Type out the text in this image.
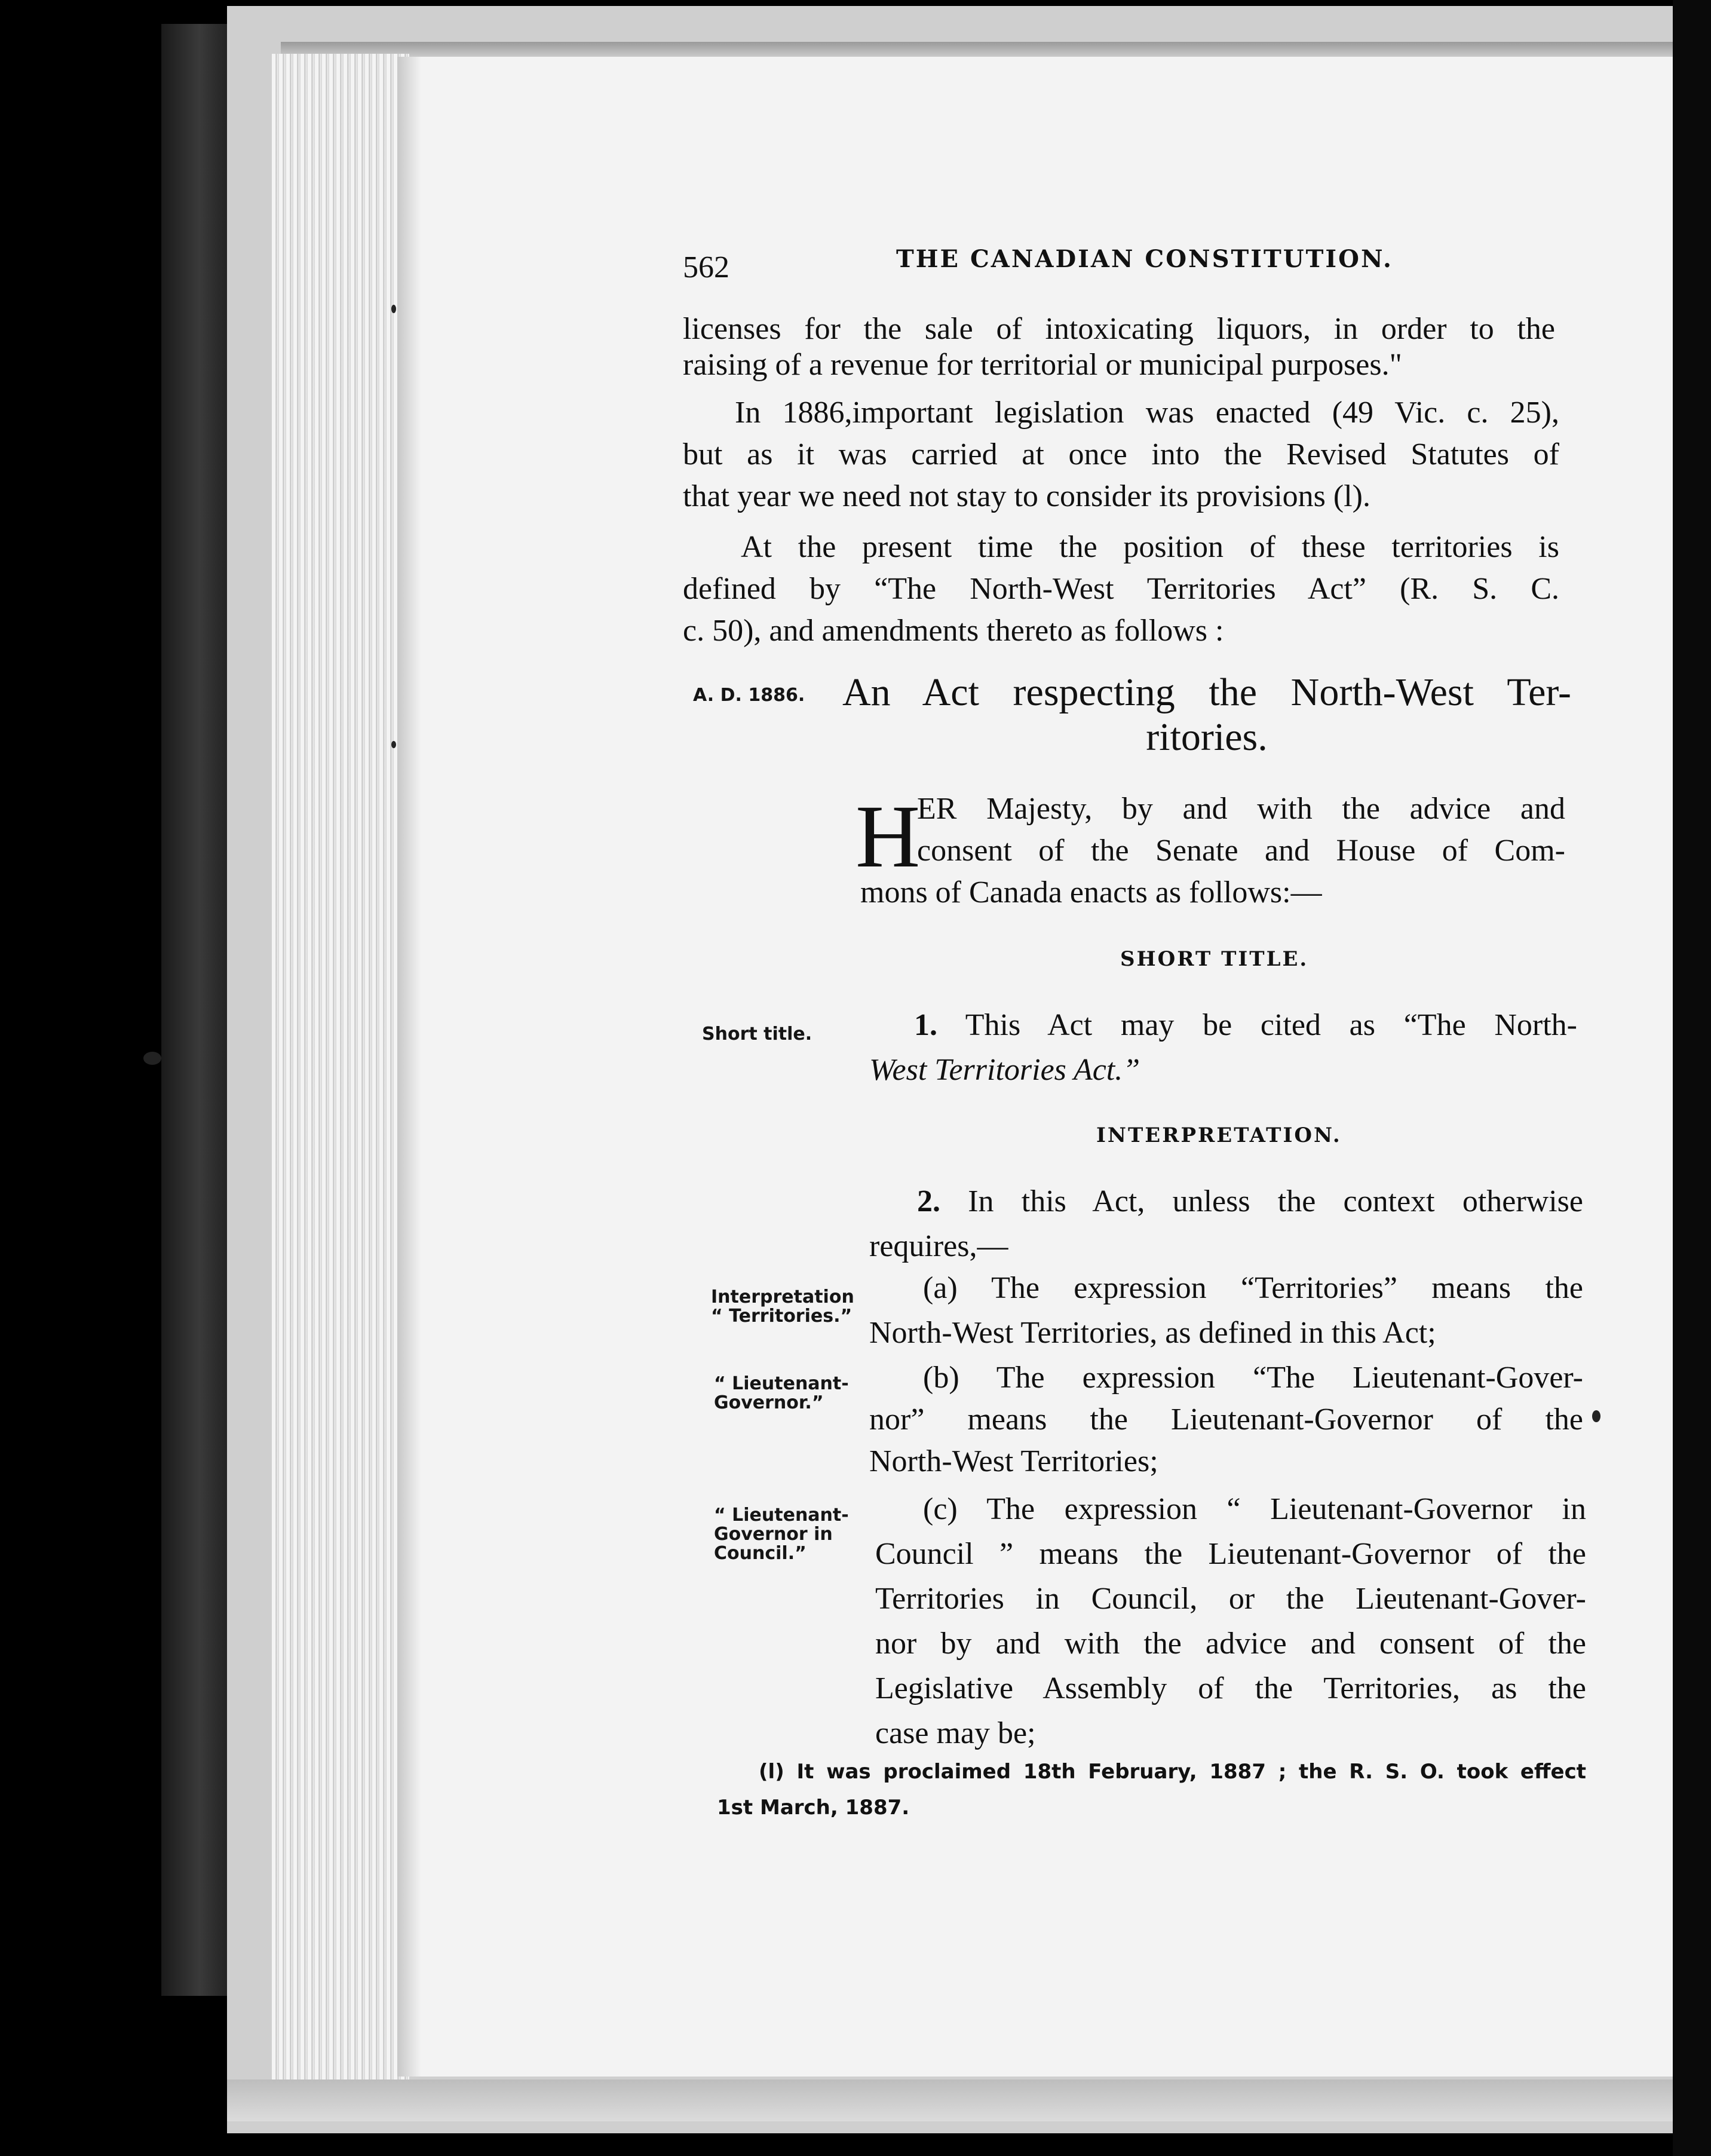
562	THE CANADIAN CONSTITUTION.
licenses for the sale of intoxicating liquors, in order to the
raising of a revenue for territorial or municipal purposes."
In 1886,important legislation was enacted (49 Vic. c. 25),
but as it was carried at once into the Revised Statutes of
that year we need not stay to consider its provisions (l).
At the present time the position of these territories is
defined by “The North-West Territories Act” (R. S. C.
c. 50), and amendments thereto as follows :
A. D. 1886. An Act respecting the North-West Ter-
ritories.
H
ER Majesty, by and with the advice and
consent of the Senate and House of Com-
mons of Canada enacts as follows:—
SHORT TITLE.
Short title.	1. This Act may be cited as “The North-
West Territories Act.”
INTERPRETATION.
2. In this Act, unless the context otherwise
requires,—
Interpretation
“ Territories.”
(a) The expression “Territories” means the
North-West Territories, as defined in this Act;
“ Lieutenant-
Governor.”
(b) The expression “The Lieutenant-Gover-
nor” means the Lieutenant-Governor of the
North-West Territories;
“ Lieutenant-
Governor in
Council.”
(c) The expression “ Lieutenant-Governor in
Council ” means the Lieutenant-Governor of the
Territories in Council, or the Lieutenant-Gover-
nor by and with the advice and consent of the
Legislative Assembly of the Territories, as the
case may be;
(l) It was proclaimed 18th February, 1887 ; the R. S. O. took effect
1st March, 1887.
